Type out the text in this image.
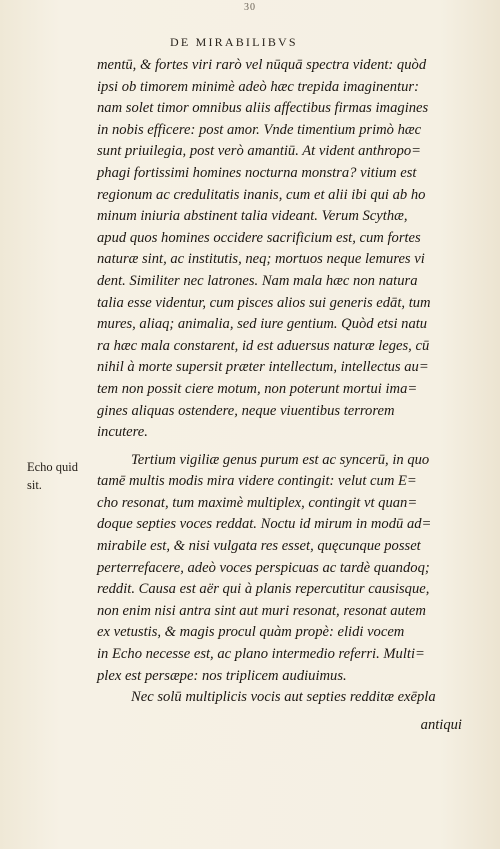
30
DE MIRABILIBVS
Echo quid
sit.
mentū, & fortes viri rarò vel nūquā spectra vident: quòd
ipsi ob timorem minimè adeò hæc trepida imaginentur:
nam solet timor omnibus aliis affectibus firmas imagines
in nobis efficere: post amor. Vnde timentium primò hæc
sunt priuilegia, post verò amantiū. At vident anthropo=
phagi fortissimi homines nocturna monstra? vitium est
regionum ac credulitatis inanis, cum et alii ibi qui ab ho
minum iniuria abstinent talia videant. Verum Scythæ,
apud quos homines occidere sacrificium est, cum fortes
naturæ sint, ac institutis, neq; mortuos neque lemures vi
dent. Similiter nec latrones. Nam mala hæc non natura
talia esse videntur, cum pisces alios sui generis edāt, tum
mures, aliaq; animalia, sed iure gentium. Quòd etsi natu
ra hæc mala constarent, id est aduersus naturæ leges, cū
nihil à morte supersit præter intellectum, intellectus au=
tem non possit ciere motum, non poterunt mortui ima=
gines aliquas ostendere, neque viuentibus terrorem
incutere.
Tertium vigiliæ genus purum est ac syncerū, in quo
tamē multis modis mira videre contingit: velut cum E=
cho resonat, tum maximè multiplex, contingit vt quan=
doque septies voces reddat. Noctu id mirum in modū ad=
mirabile est, & nisi vulgata res esset, quęcunque posset
perterrefacere, adeò voces perspicuas ac tardè quandoq;
reddit. Causa est aër qui à planis repercutitur causisque,
non enim nisi antra sint aut muri resonat, resonat autem
ex vetustis, & magis procul quàm propè: elidi vocem
in Echo necesse est, ac plano intermedio referri. Multi=
plex est persæpe: nos triplicem audiuimus.
Nec solū multiplicis vocis aut septies redditæ exēpla
antiqui
